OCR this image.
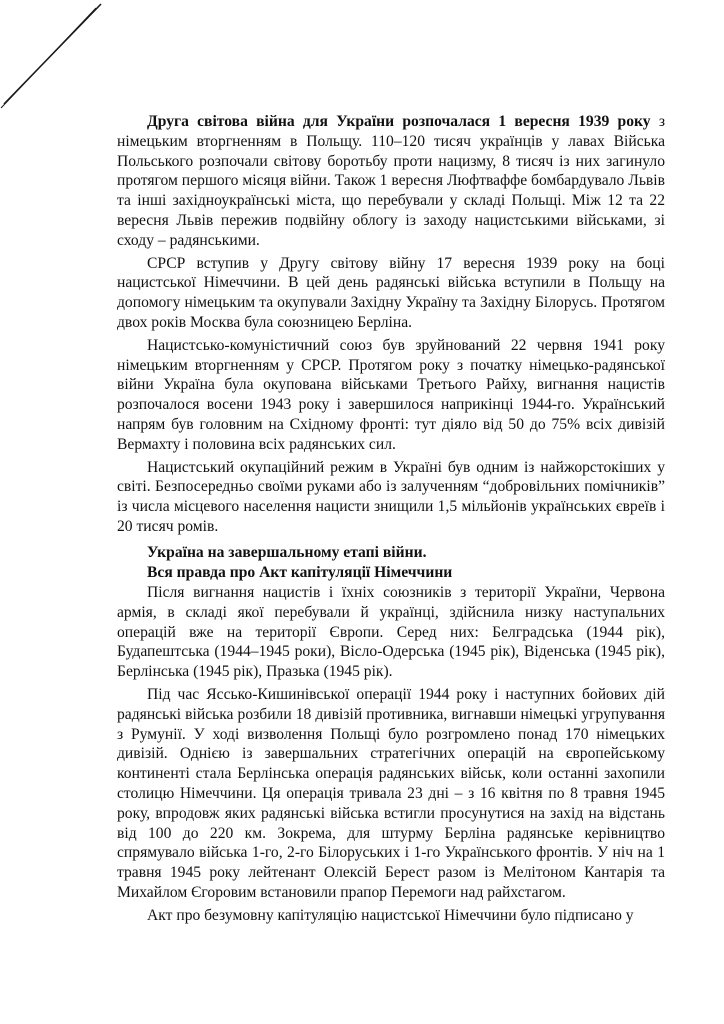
Друга світова війна для України розпочалася 1 вересня 1939 року з німецьким вторгненням в Польщу. 110–120 тисяч українців у лавах Війська Польського розпочали світову боротьбу проти нацизму, 8 тисяч із них загинуло протягом першого місяця війни. Також 1 вересня Люфтваффе бомбардувало Львів та інші західноукраїнські міста, що перебували у складі Польщі. Між 12 та 22 вересня Львів пережив подвійну облогу із заходу нацистськими військами, зі сходу – радянськими.

СРСР вступив у Другу світову війну 17 вересня 1939 року на боці нацистської Німеччини. В цей день радянські війська вступили в Польщу на допомогу німецьким та окупували Західну Україну та Західну Білорусь. Протягом двох років Москва була союзницею Берліна.

Нацистсько-комуністичний союз був зруйнований 22 червня 1941 року німецьким вторгненням у СРСР. Протягом року з початку німецько-радянської війни Україна була окупована військами Третього Райху, вигнання нацистів розпочалося восени 1943 року і завершилося наприкінці 1944-го. Український напрям був головним на Східному фронті: тут діяло від 50 до 75% всіх дивізій Вермахту і половина всіх радянських сил.

Нацистський окупаційний режим в Україні був одним із найжорстокіших у світі. Безпосередньо своїми руками або із залученням “добровільних помічників” із числа місцевого населення нацисти знищили 1,5 мільйонів українських євреїв і 20 тисяч ромів.

Україна на завершальному етапі війни.

Вся правда про Акт капітуляції Німеччини

Після вигнання нацистів і їхніх союзників з території України, Червона армія, в складі якої перебували й українці, здійснила низку наступальних операцій вже на території Європи. Серед них: Белградська (1944 рік), Будапештська (1944–1945 роки), Вісло-Одерська (1945 рік), Віденська (1945 рік), Берлінська (1945 рік), Празька (1945 рік).

Під час Ясcько-Кишинівської операції 1944 року і наступних бойових дій радянські війська розбили 18 дивізій противника, вигнавши німецькі угрупування з Румунії. У ході визволення Польщі було розгромлено понад 170 німецьких дивізій. Однією із завершальних стратегічних операцій на європейському континенті стала Берлінська операція радянських військ, коли останні захопили столицю Німеччини. Ця операція тривала 23 дні – з 16 квітня по 8 травня 1945 року, впродовж яких радянські війська встигли просунутися на захід на відстань від 100 до 220 км. Зокрема, для штурму Берліна радянське керівництво спрямувало війська 1-го, 2-го Білоруських і 1-го Українського фронтів. У ніч на 1 травня 1945 року лейтенант Олексій Берест разом із Мелітоном Кантарія та Михайлом Єгоровим встановили прапор Перемоги над райхстагом.

Акт про безумовну капітуляцію нацистської Німеччини було підписано у
